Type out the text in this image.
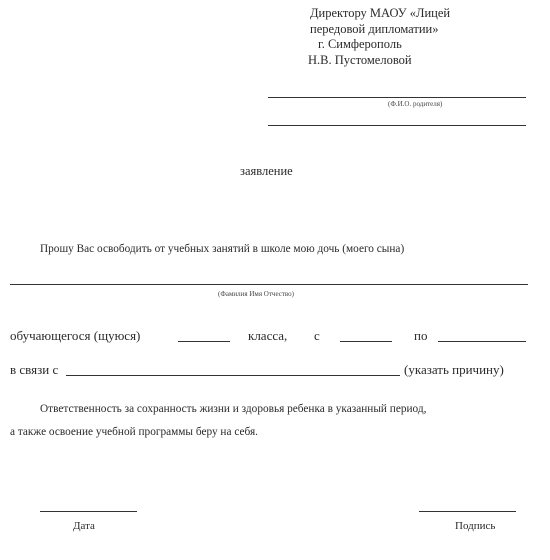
Директору МАОУ «Лицей
передовой дипломатии»
г. Симферополь
Н.В. Пустомеловой
(Ф.И.О. родителя)
заявление
Прошу Вас освободить от учебных занятий в школе мою дочь (моего сына)
(Фамилия Имя Отчество)
обучающегося (щуюся)	класса, с	по
в связи с	(указать причину)
Ответственность за сохранность жизни и здоровья ребенка в указанный период,
а также освоение учебной программы беру на себя.
Дата	Подпись
